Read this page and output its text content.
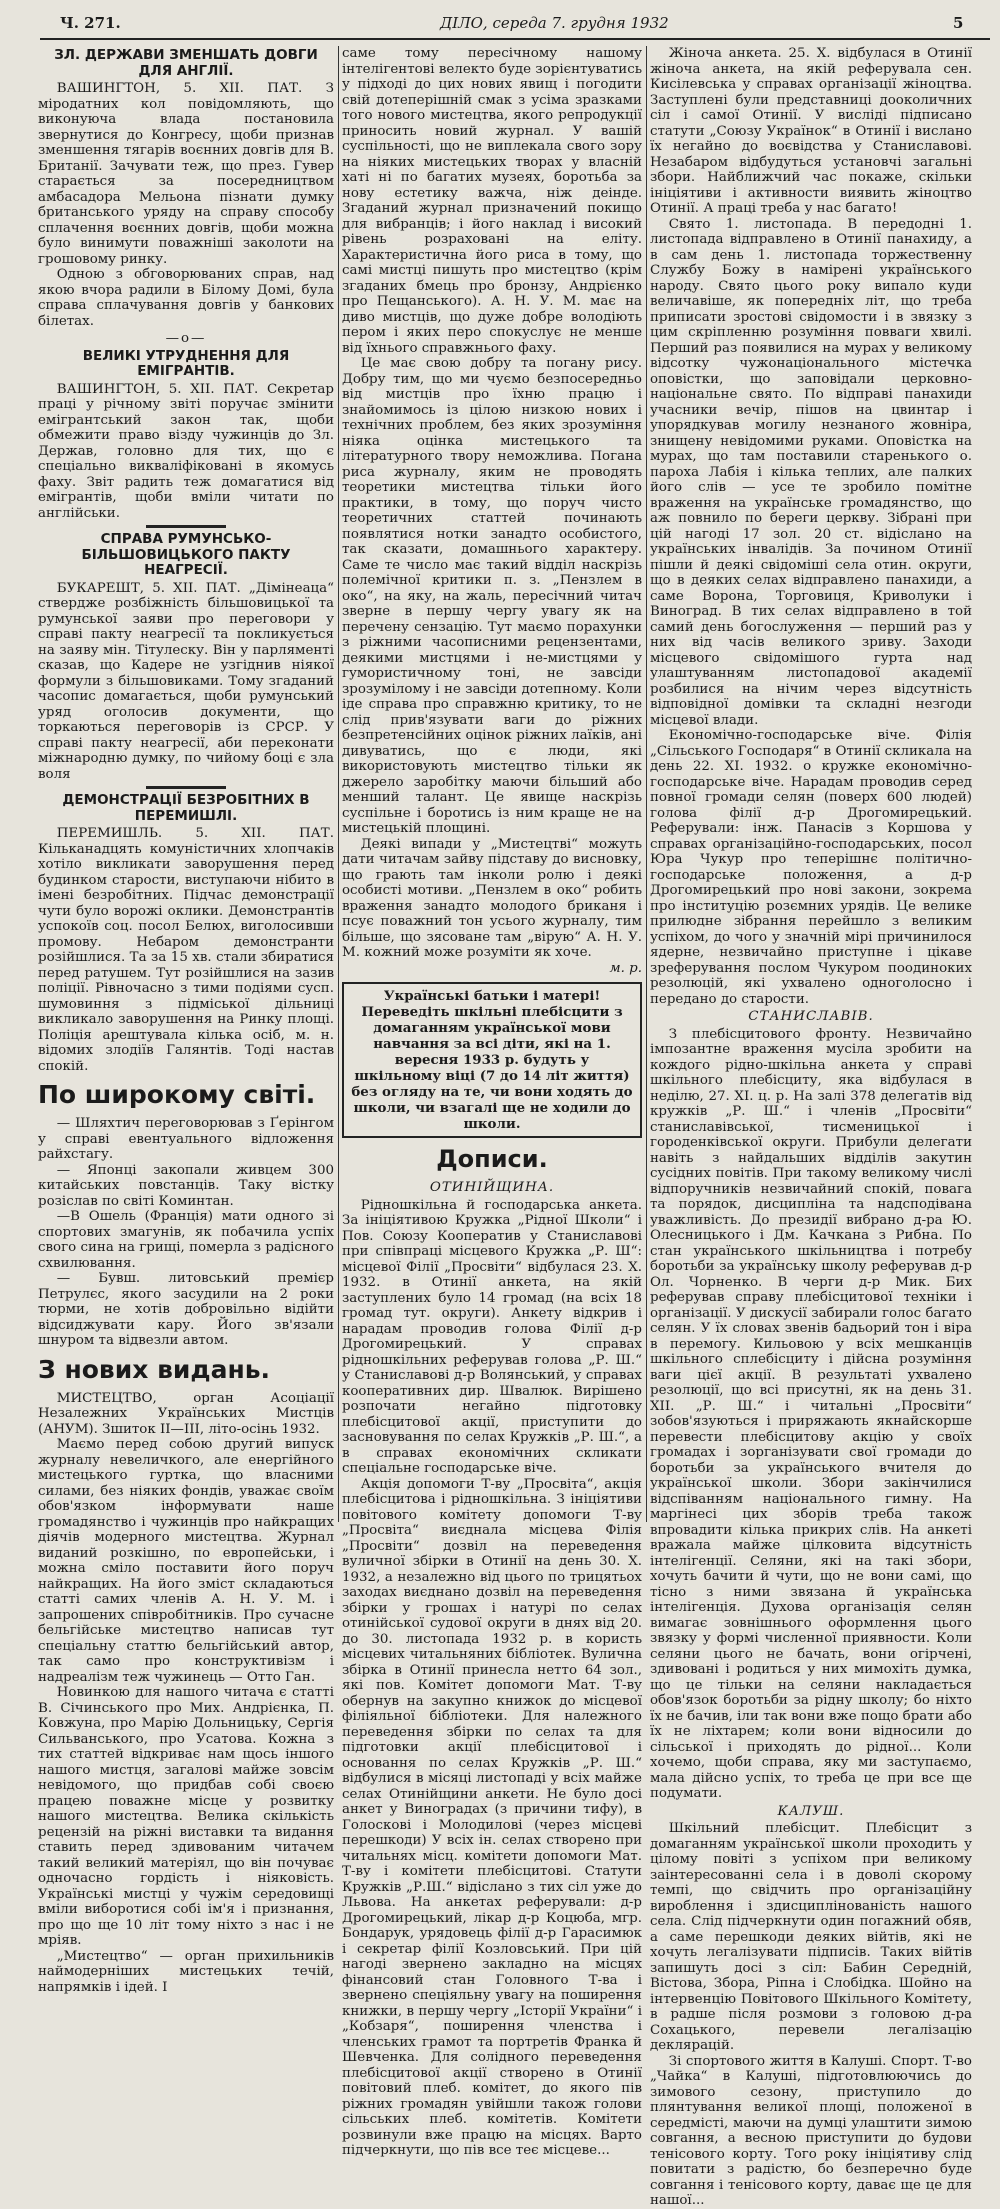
Ч. 271.	ДІЛО, середа 7. грудня 1932	5
ЗЛ. ДЕРЖАВИ ЗМЕНШАТЬ ДОВГИ ДЛЯ АНГЛІЇ.

ВАШИНГТОН, 5. XII. ПАТ. З міродатних кол повідомляють, що виконуюча влада постановила звернутися до Конгресу, щоби признав зменшення тягарів воєнних довгів для В. Британії. Зачувати теж, що през. Гувер старається за посередництвом амбасадора Мельона пізнати думку британського уряду на справу способу сплачення воєнних довгів, щоби можна було винимути поважніші заколоти на грошовому ринку.

Одною з обговорюваних справ, над якою вчора радили в Білому Домі, була справа сплачування довгів у банкових білетах.

—о—
ВЕЛИКІ УТРУДНЕННЯ ДЛЯ ЕМІГРАНТІВ.

ВАШИНГТОН, 5. XII. ПАТ. Секретар праці у річному звіті поручає змінити емігрантський закон так, щоби обмежити право візду чужинців до Зл. Держав, головно для тих, що є спеціально викваліфіковані в якомусь фаху. Звіт радить теж домагатися від емігрантів, щоби вміли читати по англійськи.

СПРАВА РУМУНСЬКО-БІЛЬШОВИЦЬКОГО ПАКТУ НЕАГРЕСІЇ.

БУКАРЕШТ, 5. XII. ПАТ. „Дімінеаца“ ствердже розбіжність більшовицької та румунської заяви про переговори у справі пакту неагресії та покликується на заяву мін. Тітулеску. Він у парляменті сказав, що Кадере не узгіднив ніякої формули з більшовиками. Тому згаданий часопис домагається, щоби румунський уряд оголосив документи, що торкаються переговорів із СРСР. У справі пакту неагресії, аби переконати міжнародню думку, по чийому боці є зла воля

ДЕМОНСТРАЦІЇ БЕЗРОБІТНИХ В ПЕРЕМИШЛІ.

ПЕРЕМИШЛЬ. 5. XII. ПАТ. Кільканадцять комуністичних хлопчаків хотіло викликати заворушення перед будинком старости, виступаючи нібито в імені безробітних. Підчас демонстрації чути було ворожі оклики. Демонстрантів успокоїв соц. посол Белюх, виголосивши промову. Небаром демонстранти розійшлися. Та за 15 хв. стали збиратися перед ратушем. Тут розійшлися на зазив поліції. Рівночасно з тими подіями сусп. шумовиння з підміської дільниці викликало заворушення на Ринку площі. Поліція арештувала кілька осіб, м. н. відомих злодіїв Галянтів. Тоді настав спокій.

По широкому світі.

— Шляхтич переговорював з Ґерінгом у справі евентуального відложення райхстагу.

— Японці закопали живцем 300 китайських повстанців. Таку вістку розіслав по світі Коминтан.

—В Ошель (Франція) мати одного зі спортових змагунів, як побачила успіх свого сина на грищі, померла з радісного схвилювання.

— Бувш. литовський премієр Петрулєс, якого засудили на 2 роки тюрми, не хотів добровільно відійти відсиджувати кару. Його зв'язали шнуром та відвезли автом.

З нових видань.

МИСТЕЦТВО, орган Асоціації Незалежних Українських Мистців (АНУМ). Зшиток II—III, літо-осінь 1932.

Маємо перед собою другий випуск журналу невеличкого, але енергійного мистецького гуртка, що власними силами, без ніяких фондів, уважає своїм обов'язком інформувати наше громадянство і чужинців про найкращих діячів модерного мистецтва. Журнал виданий розкішно, по европейськи, і можна сміло поставити його поруч найкращих. На його зміст складаються статті самих членів А. Н. У. М. і запрошених співробітників. Про сучасне бельгійське мистецтво написав тут спеціальну статтю бельгійський автор, так само про конструктивізм і надреалізм теж чужинець — Отто Ган.

Новинкою для нашого читача є статті В. Січинського про Мих. Андрієнка, П. Ковжуна, про Марію Дольницьку, Сергія Сильванського, про Усатова. Кожна з тих статтей відкриває нам щось іншого нашого мистця, загалові майже зовсім невідомого, що придбав собі своєю працею поважне місце у розвитку нашого мистецтва. Велика скількість рецензій на ріжні виставки та видання ставить перед здивованим читачем такий великий матеріял, що він почуває одночасно гордість і ніяковість. Українські мистці у чужім середовищі вміли виборотися собі ім'я і признання, про що ще 10 літ тому ніхто з нас і не мріяв.

„Мистецтво“ — орган прихильників наймодерніших мистецьких течій, напрямків і ідей. І

саме тому пересічному нашому інтелігентові велекто буде зорієнтуватись у підході до цих нових явищ і погодити свій дотеперішній смак з усіма зразками того нового мистецтва, якого репродукції приносить новий журнал. У вашій суспільності, що не виплекала свого зору на ніяких мистецьких творах у власній хаті ні по багатих музеях, боротьба за нову естетику важча, ніж деінде. Згаданий журнал призначений покищо для вибранців; і його наклад і високий рівень розраховані на еліту. Характеристична його риса в тому, що самі мистці пишуть про мистецтво (крім згаданих бмець про бронзу, Андрієнко про Пещанського). А. Н. У. М. має на диво мистців, що дуже добре володіють пером і яких перо спокуслує не менше від їхнього справжнього фаху.

Це має свою добру та погану рису. Добру тим, що ми чуємо безпосередньо від мистців про їхню працю і знайомимось із цілою низкою нових і технічних проблем, без яких зрозуміння ніяка оцінка мистецького та літературного твору неможлива. Погана риса журналу, яким не проводять теоретики мистецтва тільки його практики, в тому, що поруч чисто теоретичних статтей починають появлятися нотки занадто особистого, так сказати, домашнього характеру. Саме те число має такий відділ наскрізь полемічної критики п. з. „Пензлем в око“, на яку, на жаль, пересічний читач зверне в першу чергу увагу як на перечену сензацію. Тут маємо порахунки з ріжними часописними рецензентами, деякими мистцями і не-мистцями у гумористичному тоні, не завсіди зрозумілому і не завсіди дотепному. Коли іде справа про справжню критику, то не слід прив'язувати ваги до ріжних безпретенсійних оцінок ріжних лаїків, ані дивуватись, що є люди, які використовують мистецтво тільки як джерело заробітку маючи більший або менший талант. Це явище наскрізь суспільне і боротись із ним краще не на мистецькій площині.

Деякі випади у „Мистецтві“ можуть дати читачам зайву підставу до висновку, що грають там інколи ролю і деякі особисті мотиви. „Пензлем в око“ робить враження занадто молодого бриканя і псує поважний тон усього журналу, тим більше, що зясоване там „вірую“ А. Н. У. М. кожний може розуміти як хоче.

м. р.
Українські батьки і матері! Переведіть шкільні плебісцити з домаганням української мови навчання за всі діти, які на 1. вересня 1933 р. будуть у шкільному віці (7 до 14 літ життя) без огляду на те, чи вони ходять до школи, чи взагалі ще не ходили до школи.
Дописи.
ОТИНІЙЩИНА.

Рідношкільна й господарська анкета. За ініціятивою Кружка „Рідної Школи“ і Пов. Союзу Кооператив у Станиславові при співпраці місцевого Кружка „Р. Ш“: місцевої Філії „Просвіти“ відбулася 23. X. 1932. в Отинії анкета, на якій заступлених було 14 громад (на всіх 18 громад тут. округи). Анкету відкрив і нарадам проводив голова Філії д-р Дрогомирецький. У справах рідношкільних реферував голова „Р. Ш.“ у Станиславові д-р Волянський, у справах кооперативних дир. Швалюк. Вирішено розпочати негайно підготовку плебісцитової акції, приступити до засновування по селах Кружків „Р. Ш.“, а в справах економічних скликати спеціальне господарське віче.

Акція допомоги Т-ву „Просвіта“, акція плебісцитова і рідношкільна. З ініціятиви повітового комітету допомоги Т-ву „Просвіта“ виєднала місцева Філія „Просвіти“ дозвіл на переведення вуличної збірки в Отинії на день 30. X. 1932, а незалежно від цього по трицятьох заходах виєднано дозвіл на переведення збірки у грошах і натурі по селах отинійської судової округи в днях від 20. до 30. листопада 1932 р. в користь місцевих читальняних бібліотек. Вулична збірка в Отинії принесла нетто 64 зол., які пов. Комітет допомоги Мат. Т-ву обернув на закупно книжок до місцевої філіяльної бібліотеки. Для належного переведення збірки по селах та для підготовки акції плебісцитової і основання по селах Кружків „Р. Ш.“ відбулися в місяці листопаді у всіх майже селах Отинійщини анкети. Не було досі анкет у Виноградах (з причини тифу), в Голоскові і Молодилові (через місцеві перешкоди) У всіх ін. селах створено при читальнях місц. комітети допомоги Мат. Т-ву і комітети плебісцитові. Статути Кружків „Р.Ш.“ відіслано з тих сіл уже до Львова. На анкетах реферували: д-р Дрогомирецький, лікар д-р Коцюба, мгр. Бондарук, урядовець філії д-р Гарасимюк і секретар філії Козловський. При цій нагоді звернено закладно на місцях фінансовий стан Головного Т-ва і звернено спеціяльну увагу на поширення книжки, в першу чергу „Історії України“ і „Кобзаря“, поширення членства і членських грамот та портретів Франка й Шевченка. Для солідного переведення плебісцитової акції створено в Отинії повітовий плеб. комітет, до якого пів ріжних громадян увійшли також голови сільських плеб. комітетів. Комітети розвинули вже працю на місцях. Варто підчеркнути, що пів все теє місцеве...

Жіноча анкета. 25. X. відбулася в Отинії жіноча анкета, на якій реферувала сен. Кисілевська у справах організації жіноцтва. Заступлені були представниці дооколичних сіл і самої Отинії. У висліді підписано статути „Союзу Українок“ в Отинії і вислано їх негайно до воєвідства у Станиславові. Незабаром відбудуться установчі загальні збори. Найближчий час покаже, скільки ініціятиви і активности виявить жіноцтво Отинії. А праці треба у нас багато!

Свято 1. листопада. В передодні 1. листопада відправлено в Отинії панахиду, а в сам день 1. листопада торжественну Службу Божу в намірені українського народу. Свято цього року випало куди величавіше, як попередніх літ, що треба приписати зростові свідомости і в звязку з цим скріпленню розуміння повваги хвилі. Перший раз появилися на мурах у великому відсотку чужонаціонального містечка оповістки, що заповідали церковно-національне свято. По відправі панахиди учасники вечір, пішов на цвинтар і упорядкував могилу незнаного жовніра, знищену невідомими руками. Оповістка на мурах, що там поставили старенького о. пароха Лабія і кілька теплих, але палких його слів — усе те зробило помітне враження на українське громадянство, що аж повнило по береги церкву. Зібрані при цій нагоді 17 зол. 20 ст. відіслано на українських інвалідів. За почином Отинії пішли й деякі свідоміші села отин. округи, що в деяких селах відправлено панахиди, а саме Ворона, Торговиця, Криволуки і Виноград. В тих селах відправлено в той самий день богослуження — перший раз у них від часів великого зриву. Заходи місцевого свідомішого гурта над улаштуванням листопадової академії розбилися на нічим через відсутність відповідної домівки та складні незгоди місцевої влади.

Економічно-господарське віче. Філія „Сільського Господаря“ в Отинії скликала на день 22. XI. 1932. о кружке економічно-господарське віче. Нарадам проводив серед повної громади селян (поверх 600 людей) голова філії д-р Дрогомирецький. Реферували: інж. Панасів з Коршова у справах організаційно-господарських, посол Юра Чукур про теперішнє політично-господарське положення, а д-р Дрогомирецький про нові закони, зокрема про інституцію розємних урядів. Це велике прилюдне зібрання перейшло з великим успіхом, до чого у значній мірі причинилося ядерне, незвичайно приступне і цікаве зреферування послом Чукуром поодиноких резолюцій, які ухвалено одноголосно і передано до старости.

СТАНИСЛАВІВ.

З плебісцитового фронту. Незвичайно імпозантне враження мусіла зробити на кождого рідно-шкільна анкета у справі шкільного плебісциту, яка відбулася в неділю, 27. XI. ц. р. На залі 378 делегатів від кружків „Р. Ш.“ і членів „Просвіти“ станиславівської, тисменицької і городенківської округи. Прибули делегати навіть з найдальших відділів закутин сусідних повітів. При такому великому числі відпоручників незвичайний спокій, повага та порядок, дисципліна та надсподівана уважливість. До президії вибрано д-ра Ю. Олесницького і Дм. Качкана з Рибна. По стан українського шкільництва і потребу боротьби за українську школу реферував д-р Ол. Чорненко. В черги д-р Мик. Бих реферував справу плебісцитової техніки і організації. У дискусії забирали голос багато селян. У їх словах звенів бадьорий тон і віра в перемогу. Кильовою у всіх мешканців шкільного сплебісциту і дійсна розуміння ваги цієї акції. В результаті ухвалено резолюції, що всі присутні, як на день 31. XII. „Р. Ш.“ і читальні „Просвіти“ зобов'язуються і приряжають якнайскорше перевести плебісцитову акцію у своїх громадах і зорганізувати свої громади до боротьби за українського вчителя до української школи. Збори закінчилися відспіванням національного гимну. На маргінесі цих зборів треба також впровадити кілька прикрих слів. На анкеті вражала майже цілковита відсутність інтелігенції. Селяни, які на такі збори, хочуть бачити й чути, що не вони самі, що тісно з ними звязана й українська інтелігенція. Духова організація селян вимагає зовнішнього оформлення цього звязку у формі численної приявности. Коли селяни цього не бачать, вони огірчені, здивовані і родиться у них мимохіть думка, що це тільки на селяни накладається обов'язок боротьби за рідну школу; бо ніхто їх не бачив, іли так вони вже пощо брати або їх не ліхтарем; коли вони відносили до сільської і приходять до рідної... Коли хочемо, щоби справа, яку ми заступаємо, мала дійсно успіх, то треба це при все ще подумати.

КАЛУШ.

Шкільний плебісцит. Плебісцит з домаганням української школи проходить у цілому повіті з успіхом при великому заінтересованні села і в доволі скорому темпі, що свідчить про організаційну вироблення і здисциплінованість нашого села. Слід підчеркнути один погажний обяв, а саме перешкоди деяких війтів, які не хочуть легалізувати підписів. Таких війтів запишуть досі з сіл: Бабин Середній, Вістова, Збора, Ріпна і Слобідка. Шойно на інтервенцію Повітового Шкільного Комітету, в радше після розмови з головою д-ра Сохацького, перевели легалізацію деклярацій.

Зі спортового життя в Калуші. Спорт. Т-во „Чайка“ в Калуші, підготовлюючись до зимового сезону, приступило до плянтування великої площі, положеної в середмісті, маючи на думці улаштити зимою совгання, а весною приступити до будови тенісового корту. Того року ініціятиву слід повитати з радістю, бо безперечно буде совгання і тенісового корту, даває ще це для нашої...
